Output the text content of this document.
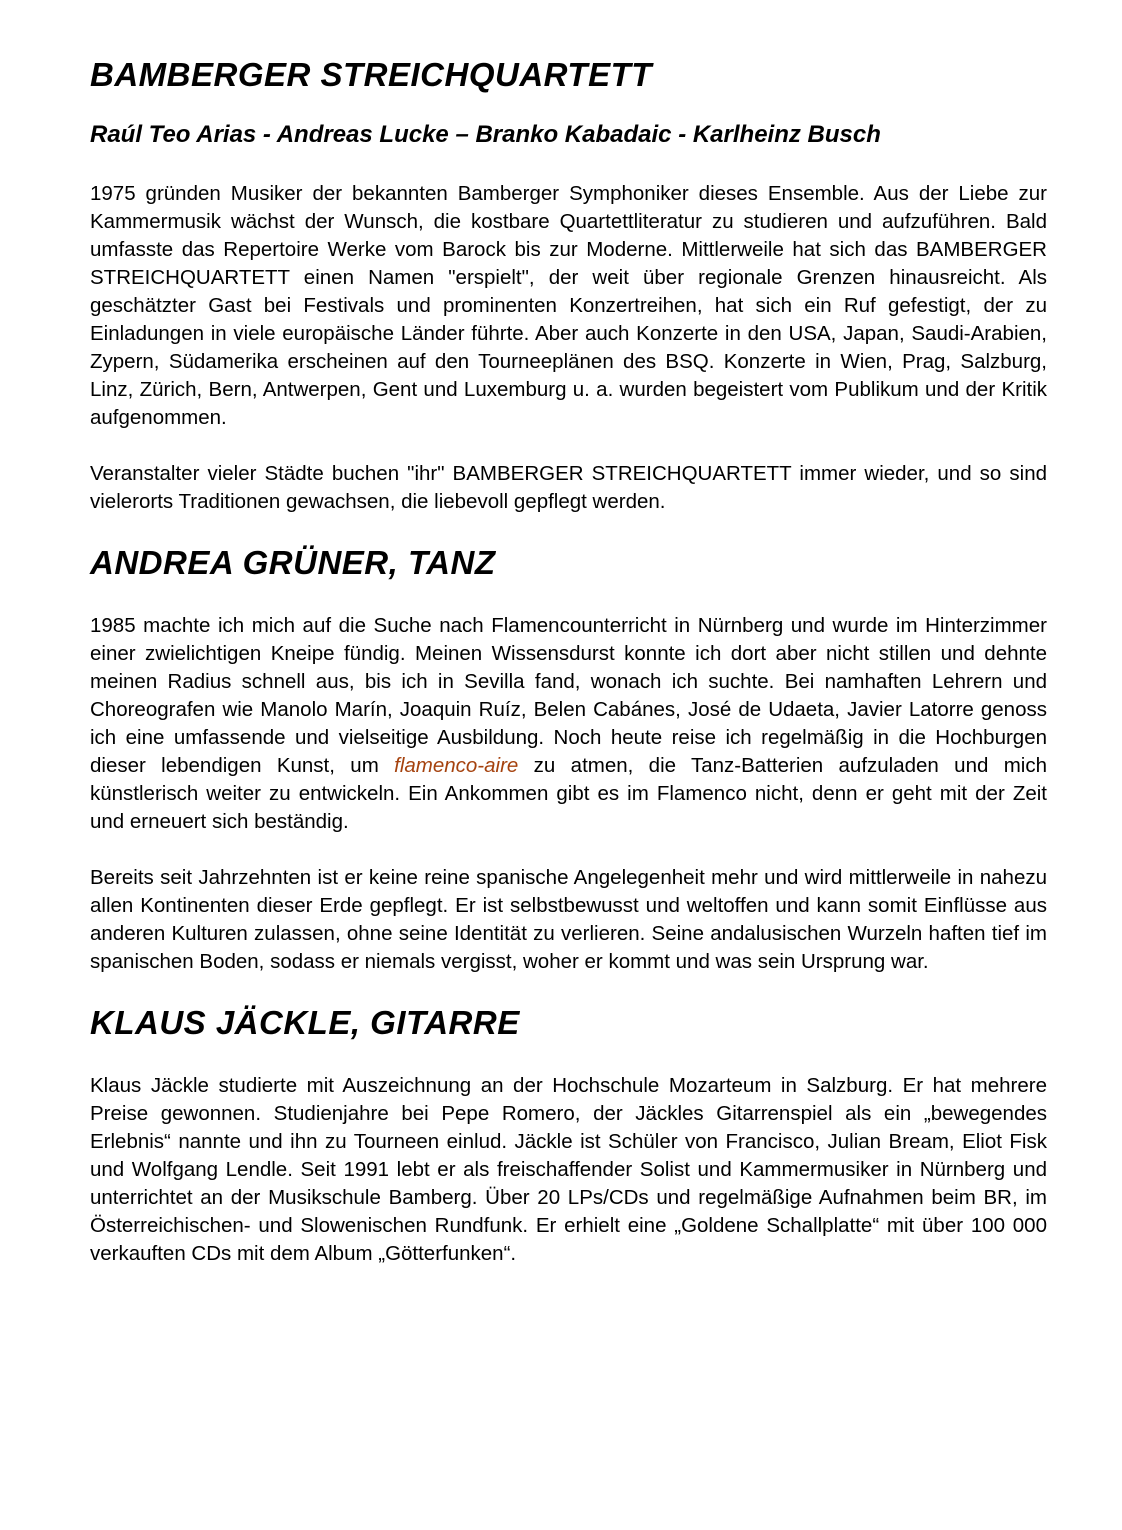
BAMBERGER STREICHQUARTETT
Raúl Teo Arias - Andreas Lucke – Branko Kabadaic - Karlheinz Busch

1975 gründen Musiker der bekannten Bamberger Symphoniker dieses Ensemble. Aus der Liebe zur Kammermusik wächst der Wunsch, die kostbare Quartettliteratur zu studieren und aufzuführen. Bald umfasste das Repertoire Werke vom Barock bis zur Moderne. Mittlerweile hat sich das BAMBERGER STREICHQUARTETT einen Namen "erspielt", der weit über regionale Grenzen hinausreicht. Als geschätzter Gast bei Festivals und prominenten Konzertreihen, hat sich ein Ruf gefestigt, der zu Einladungen in viele europäische Länder führte. Aber auch Konzerte in den USA, Japan, Saudi-Arabien, Zypern, Südamerika erscheinen auf den Tourneeplänen des BSQ. Konzerte in Wien, Prag, Salzburg, Linz, Zürich, Bern, Antwerpen, Gent und Luxemburg u. a. wurden begeistert vom Publikum und der Kritik aufgenommen.

Veranstalter vieler Städte buchen "ihr" BAMBERGER STREICHQUARTETT immer wieder, und so sind vielerorts Traditionen gewachsen, die liebevoll gepflegt werden.

ANDREA GRÜNER, TANZ

1985 machte ich mich auf die Suche nach Flamencounterricht in Nürnberg und wurde im Hinterzimmer einer zwielichtigen Kneipe fündig. Meinen Wissensdurst konnte ich dort aber nicht stillen und dehnte meinen Radius schnell aus, bis ich in Sevilla fand, wonach ich suchte. Bei namhaften Lehrern und Choreografen wie Manolo Marín, Joaquin Ruíz, Belen Cabánes, José de Udaeta, Javier Latorre genoss ich eine umfassende und vielseitige Ausbildung. Noch heute reise ich regelmäßig in die Hochburgen dieser lebendigen Kunst, um flamenco-aire zu atmen, die Tanz-Batterien aufzuladen und mich künstlerisch weiter zu entwickeln. Ein Ankommen gibt es im Flamenco nicht, denn er geht mit der Zeit und erneuert sich beständig.

Bereits seit Jahrzehnten ist er keine reine spanische Angelegenheit mehr und wird mittlerweile in nahezu allen Kontinenten dieser Erde gepflegt. Er ist selbstbewusst und weltoffen und kann somit Einflüsse aus anderen Kulturen zulassen, ohne seine Identität zu verlieren. Seine andalusischen Wurzeln haften tief im spanischen Boden, sodass er niemals vergisst, woher er kommt und was sein Ursprung war.

KLAUS JÄCKLE, GITARRE

Klaus Jäckle studierte mit Auszeichnung an der Hochschule Mozarteum in Salzburg. Er hat mehrere Preise gewonnen. Studienjahre bei Pepe Romero, der Jäckles Gitarrenspiel als ein „bewegendes Erlebnis“ nannte und ihn zu Tourneen einlud. Jäckle ist Schüler von Francisco, Julian Bream, Eliot Fisk und Wolfgang Lendle. Seit 1991 lebt er als freischaffender Solist und Kammermusiker in Nürnberg und unterrichtet an der Musikschule Bamberg. Über 20 LPs/CDs und regelmäßige Aufnahmen beim BR, im Österreichischen- und Slowenischen Rundfunk. Er erhielt eine „Goldene Schallplatte“ mit über 100 000 verkauften CDs mit dem Album „Götterfunken“.
